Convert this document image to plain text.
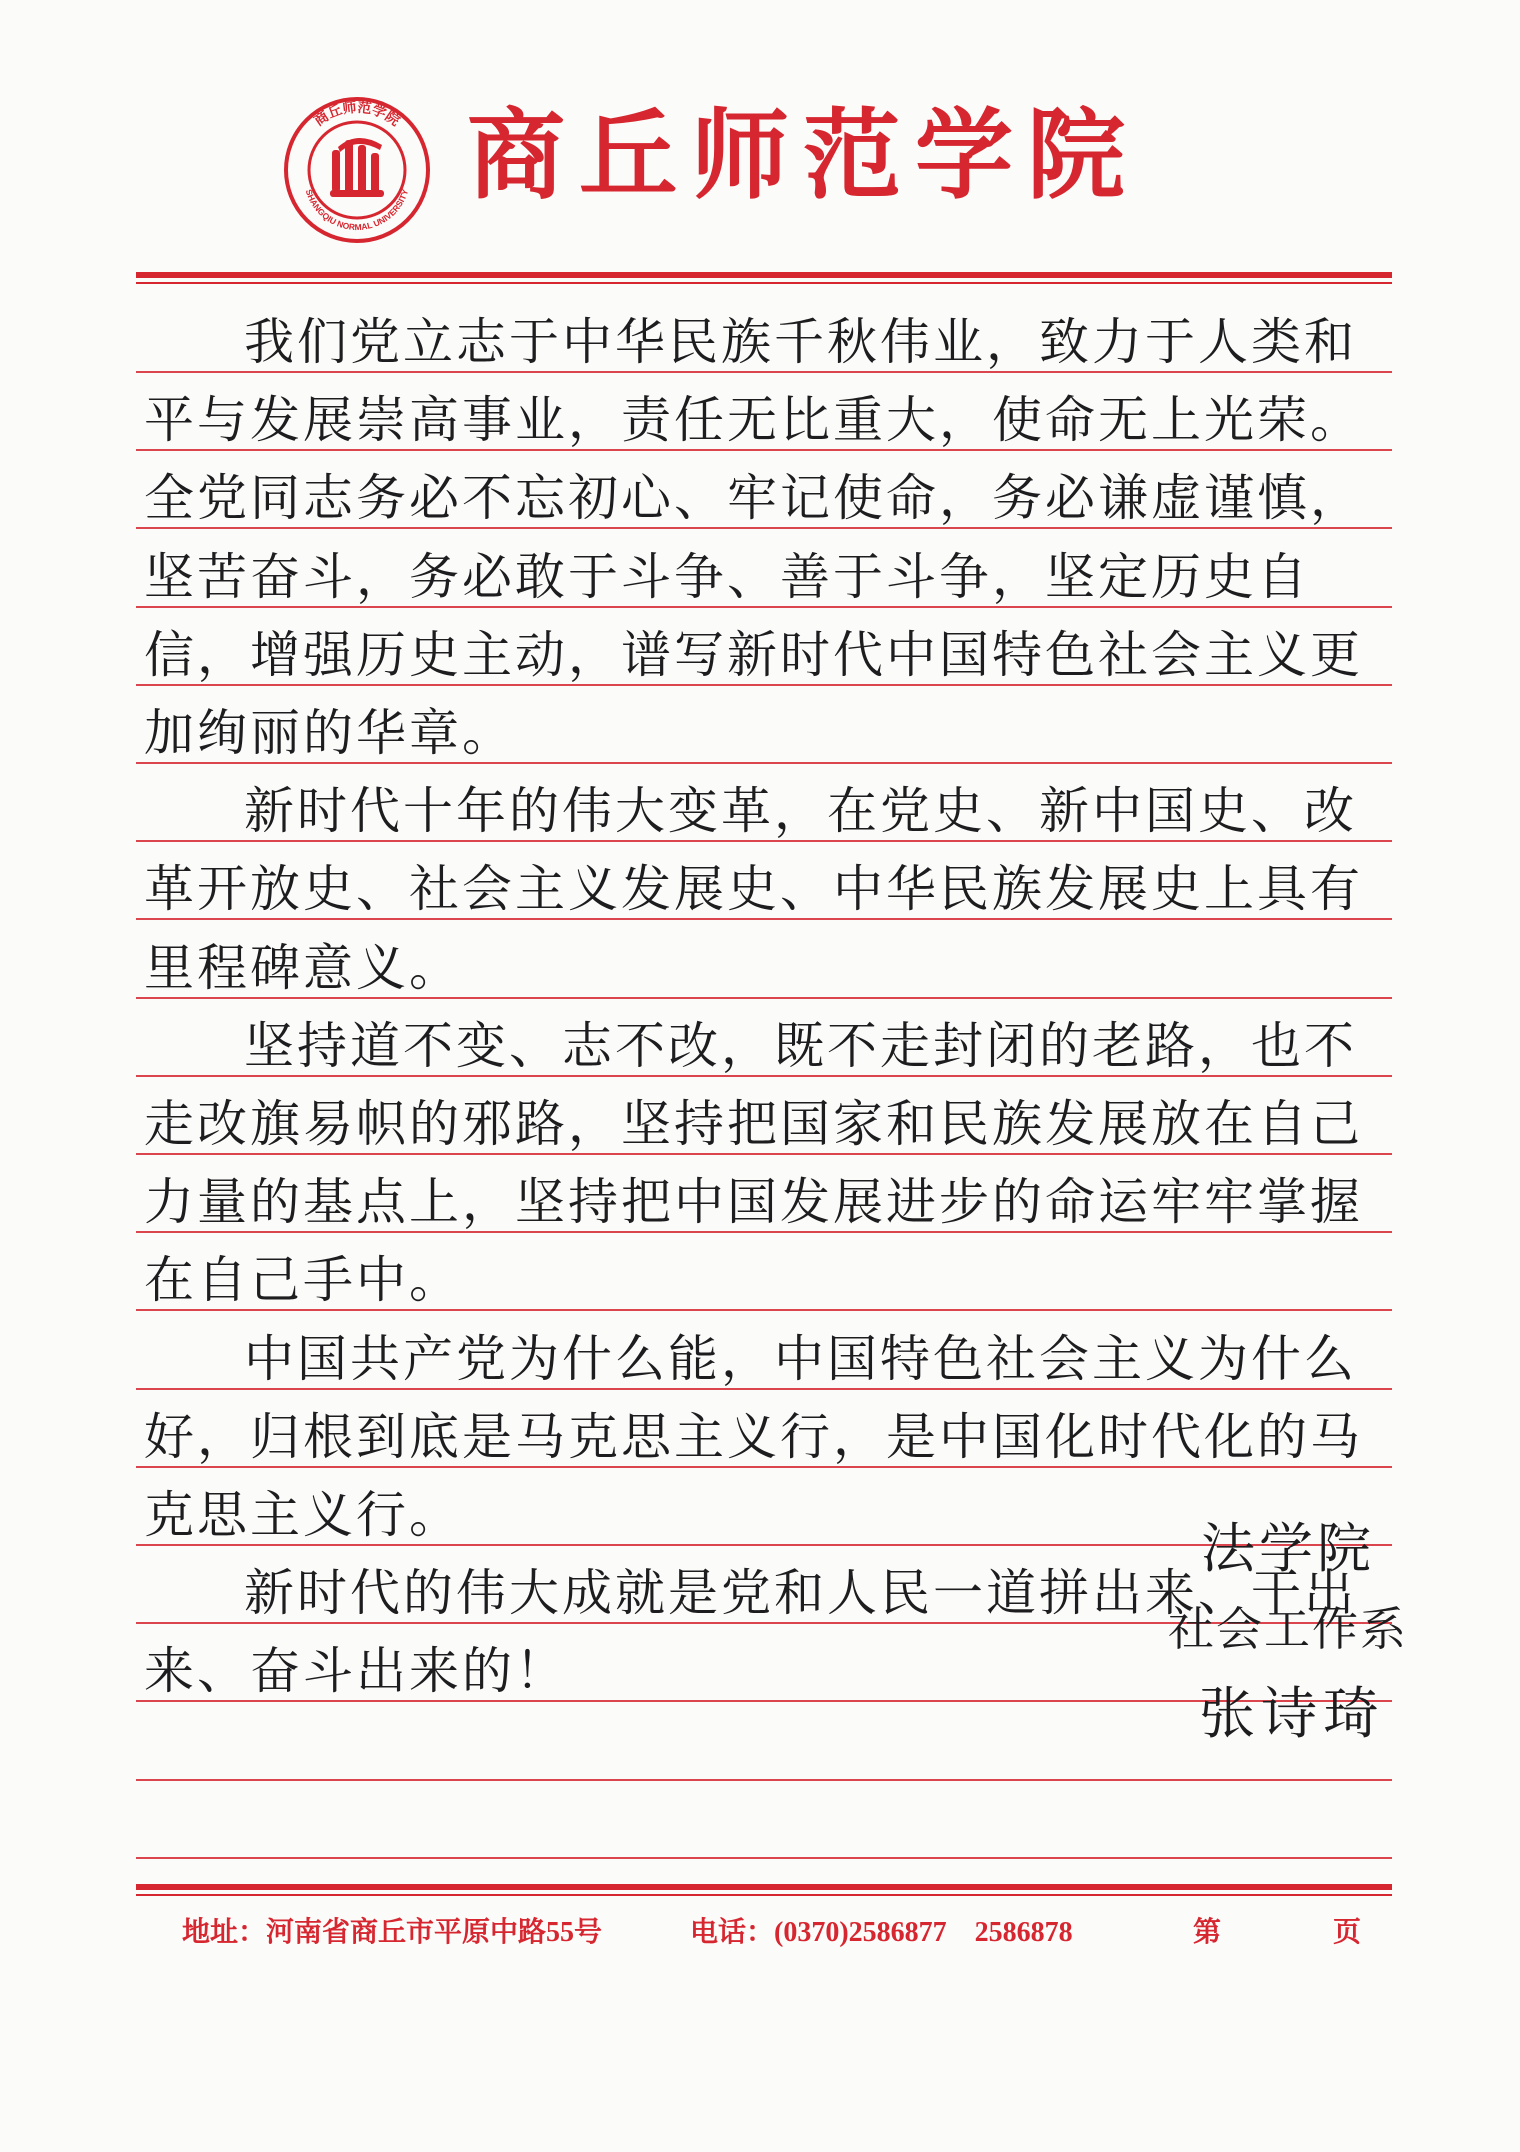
商丘师范学院
SHANGQIU NORMAL UNIVERSITY 商丘师范学院

我们党立志于中华民族千秋伟业，致力于人类和平与发展崇高事业，责任无比重大，使命无上光荣。全党同志务必不忘初心、牢记使命，务必谦虚谨慎，坚苦奋斗，务必敢于斗争、善于斗争，坚定历史自信，增强历史主动，谱写新时代中国特色社会主义更加绚丽的华章。

新时代十年的伟大变革，在党史、新中国史、改革开放史、社会主义发展史、中华民族发展史上具有里程碑意义。

坚持道不变、志不改，既不走封闭的老路，也不走改旗易帜的邪路，坚持把国家和民族发展放在自己力量的基点上，坚持把中国发展进步的命运牢牢掌握在自己手中。

中国共产党为什么能，中国特色社会主义为什么好，归根到底是马克思主义行，是中国化时代化的马克思主义行。

新时代的伟大成就是党和人民一道拼出来、干出来、奋斗出来的！

法学院
社会工作系
张诗琦
地址：河南省商丘市平原中路55号	电话：(0370)2586877　2586878	第	页
